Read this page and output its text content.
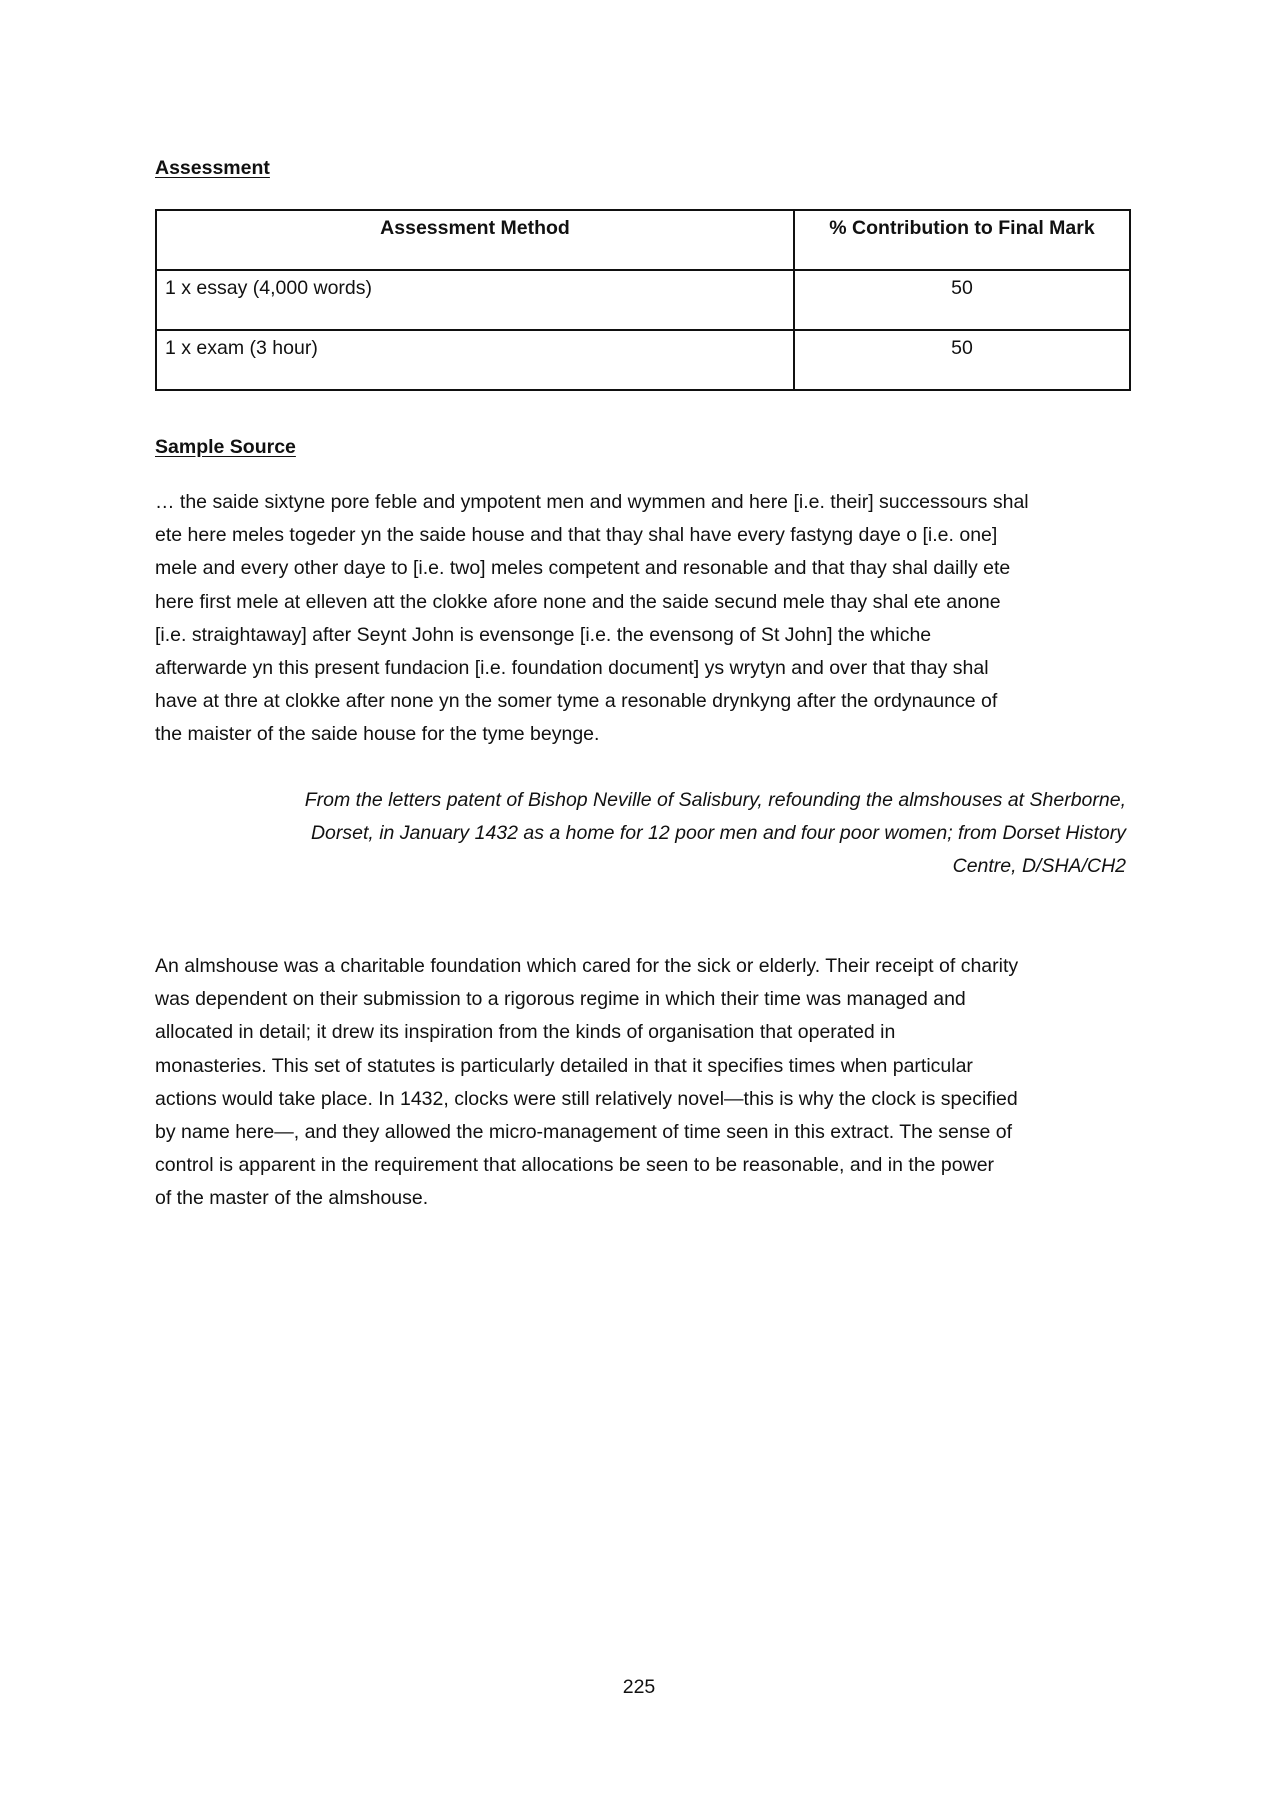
Assessment
Assessment Method	% Contribution to Final Mark
1 x essay (4,000 words)	50
1 x exam (3 hour)	50
Sample Source
… the saide sixtyne pore feble and ympotent men and wymmen and here [i.e. their] successours shal
ete here meles togeder yn the saide house and that thay shal have every fastyng daye o [i.e. one]
mele and every other daye to [i.e. two] meles competent and resonable and that thay shal dailly ete
here first mele at elleven att the clokke afore none and the saide secund mele thay shal ete anone
[i.e. straightaway] after Seynt John is evensonge [i.e. the evensong of St John] the whiche
afterwarde yn this present fundacion [i.e. foundation document] ys wrytyn and over that thay shal
have at thre at clokke after none yn the somer tyme a resonable drynkyng after the ordynaunce of
the maister of the saide house for the tyme beynge.
From the letters patent of Bishop Neville of Salisbury, refounding the almshouses at Sherborne,
Dorset, in January 1432 as a home for 12 poor men and four poor women; from Dorset History
Centre, D/SHA/CH2
An almshouse was a charitable foundation which cared for the sick or elderly. Their receipt of charity
was dependent on their submission to a rigorous regime in which their time was managed and
allocated in detail; it drew its inspiration from the kinds of organisation that operated in
monasteries. This set of statutes is particularly detailed in that it specifies times when particular
actions would take place. In 1432, clocks were still relatively novel—this is why the clock is specified
by name here—, and they allowed the micro-management of time seen in this extract. The sense of
control is apparent in the requirement that allocations be seen to be reasonable, and in the power
of the master of the almshouse.
225
